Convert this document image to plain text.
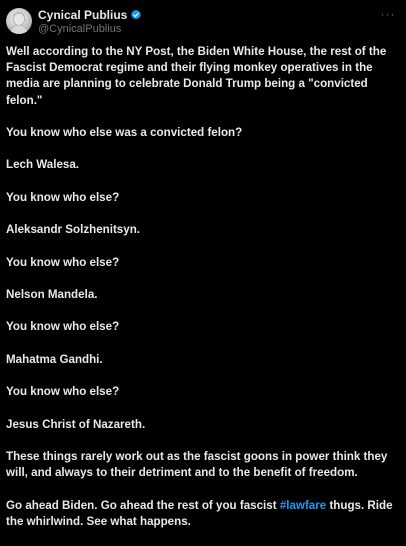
Cynical Publius
@CynicalPublius
···

Well according to the NY Post, the Biden White House, the rest of the Fascist Democrat regime and their flying monkey operatives in the media are planning to celebrate Donald Trump being a "convicted felon."

You know who else was a convicted felon?

Lech Walesa.

You know who else?

Aleksandr Solzhenitsyn.

You know who else?

Nelson Mandela.

You know who else?

Mahatma Gandhi.

You know who else?

Jesus Christ of Nazareth.

These things rarely work out as the fascist goons in power think they will, and always to their detriment and to the benefit of freedom.

Go ahead Biden. Go ahead the rest of you fascist #lawfare thugs. Ride the whirlwind. See what happens.
